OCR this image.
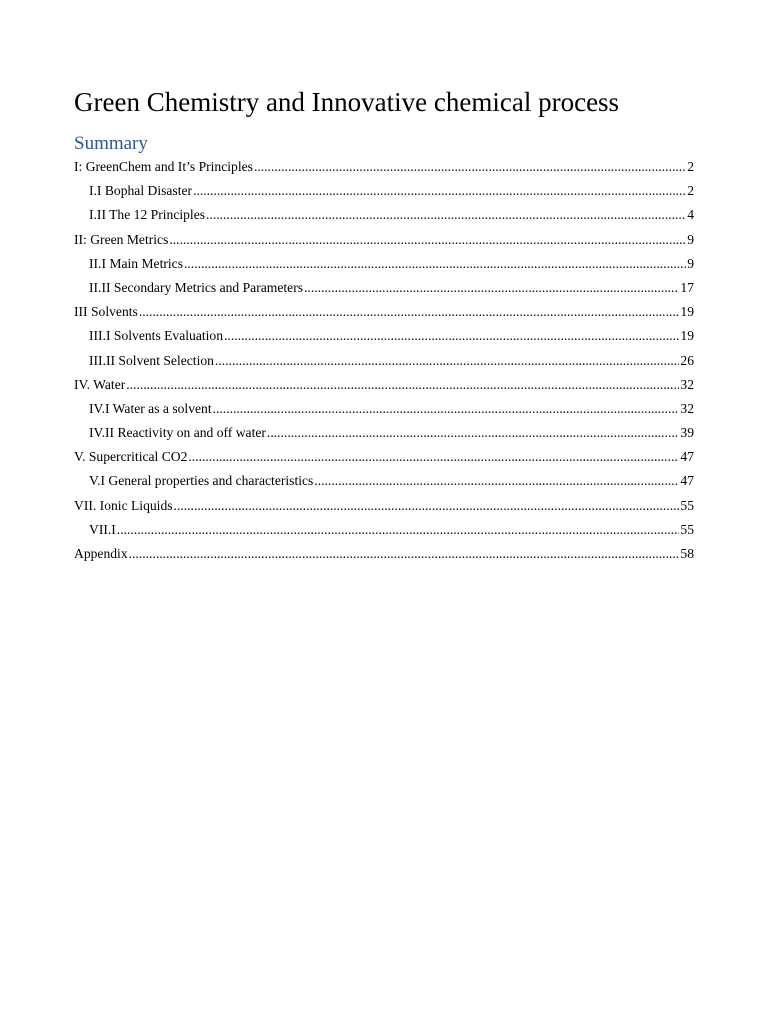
Green Chemistry and Innovative chemical process
Summary
I: GreenChem and It’s Principles .....	2
I.I Bophal Disaster .....	2
I.II The 12 Principles .....	4
II: Green Metrics .....	9
II.I Main Metrics .....	9
II.II Secondary Metrics and Parameters .....	17
III Solvents .....	19
III.I Solvents Evaluation .....	19
III.II Solvent Selection .....	26
IV. Water .....	32
IV.I Water as a solvent .....	32
IV.II Reactivity on and off water .....	39
V. Supercritical CO2 .....	47
V.I General properties and characteristics .....	47
VII. Ionic Liquids .....	55
VII.I .....	55
Appendix .....	58
